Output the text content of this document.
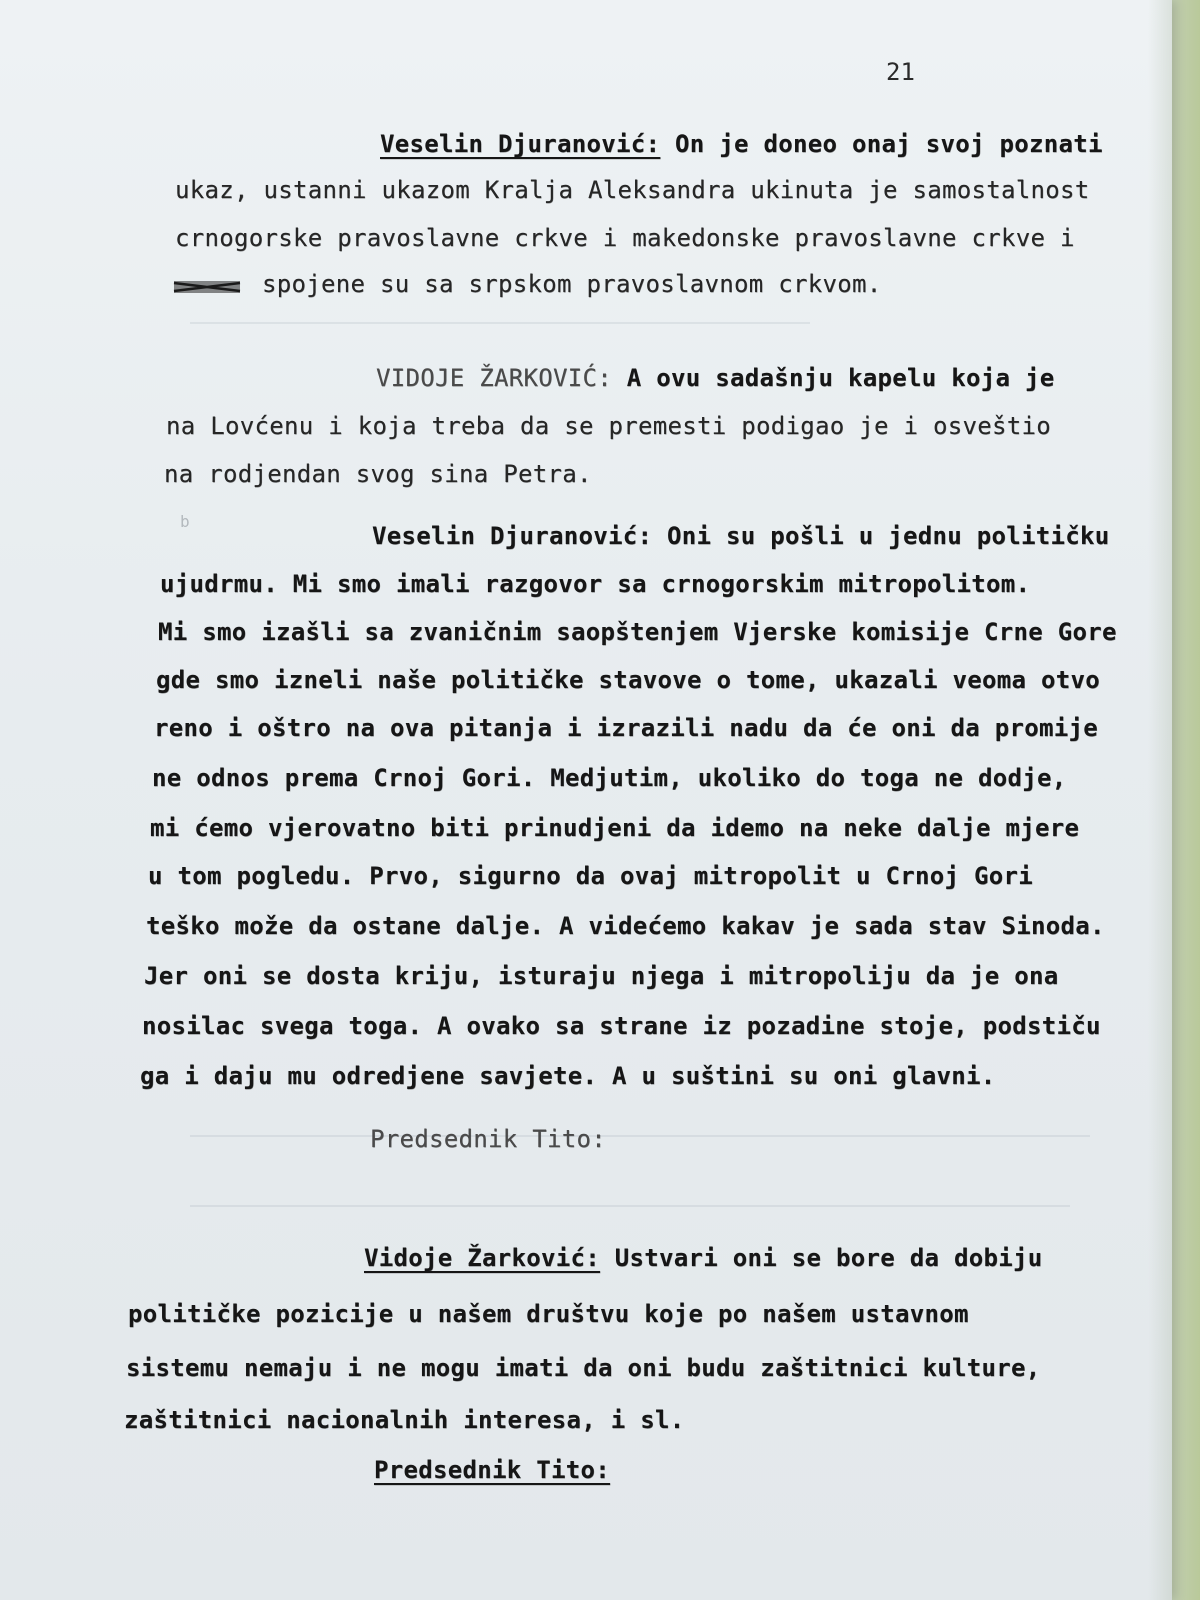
21

Veselin Djuranović: On je doneo onaj svoj poznati

ukaz, ustanni ukazom Kralja Aleksandra ukinuta je samostalnost

crnogorske pravoslavne crkve i makedonske pravoslavne crkve i

spojene su sa srpskom pravoslavnom crkvom.

VIDOJE ŽARKOVIĆ: A ovu sadašnju kapelu koja je

na Lovćenu i koja treba da se premesti podigao je i osveštio

na rodjendan svog sina Petra.

b

Veselin Djuranović: Oni su pošli u jednu političku

ujudrmu. Mi smo imali razgovor sa crnogorskim mitropolitom.

Mi smo izašli sa zvaničnim saopštenjem Vjerske komisije Crne Gore

gde smo izneli naše političke stavove o tome, ukazali veoma otvo

reno i oštro na ova pitanja i izrazili nadu da će oni da promije

ne odnos prema Crnoj Gori. Medjutim, ukoliko do toga ne dodje,

mi ćemo vjerovatno biti prinudjeni da idemo na neke dalje mjere

u tom pogledu. Prvo, sigurno da ovaj mitropolit u Crnoj Gori

teško može da ostane dalje. A videćemo kakav je sada stav Sinoda.

Jer oni se dosta kriju, isturaju njega i mitropoliju da je ona

nosilac svega toga. A ovako sa strane iz pozadine stoje, podstiču

ga i daju mu odredjene savjete. A u suštini su oni glavni.

Predsednik Tito:

Vidoje Žarković: Ustvari oni se bore da dobiju

političke pozicije u našem društvu koje po našem ustavnom

sistemu nemaju i ne mogu imati da oni budu zaštitnici kulture,

zaštitnici nacionalnih interesa, i sl.

Predsednik Tito:
